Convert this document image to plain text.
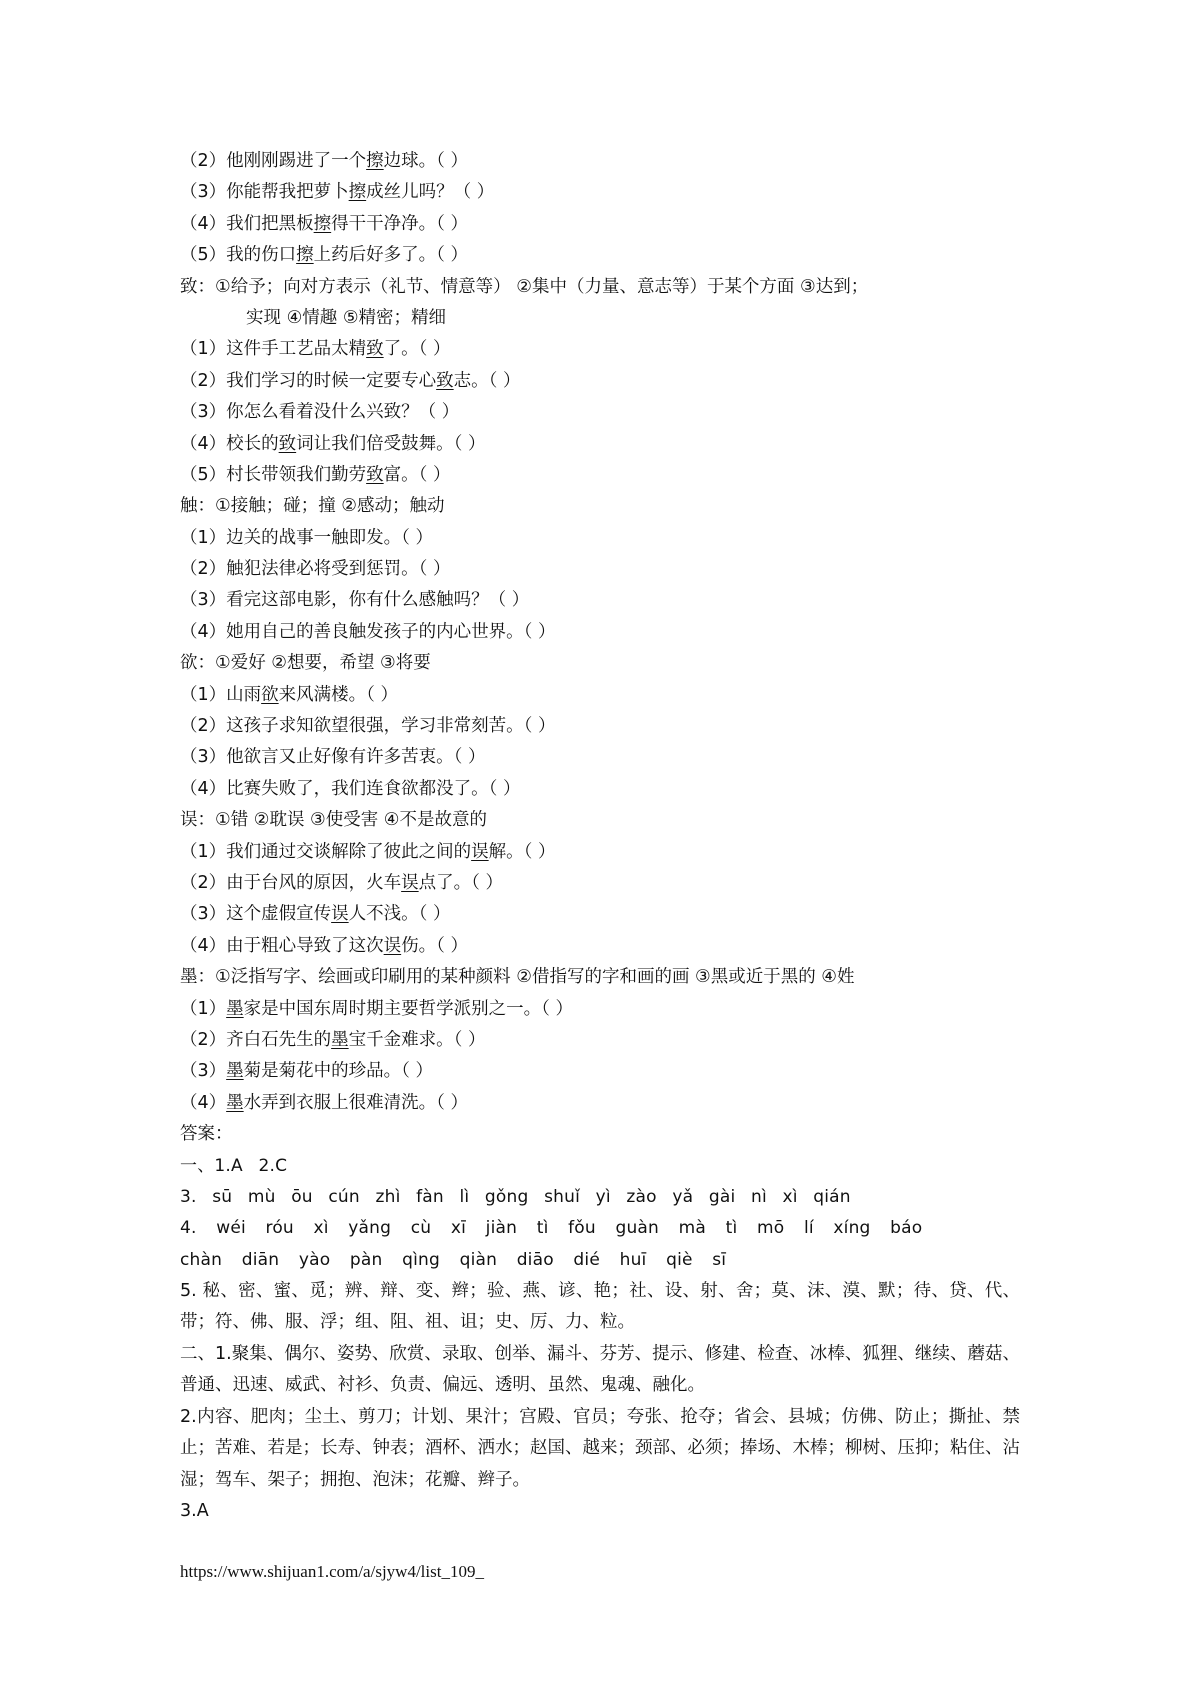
（2）他刚刚踢进了一个擦边球。（ ）
（3）你能帮我把萝卜擦成丝儿吗？（ ）
（4）我们把黑板擦得干干净净。（ ）
（5）我的伤口擦上药后好多了。（ ）
致：①给予；向对方表示（礼节、情意等） ②集中（力量、意志等）于某个方面 ③达到；
实现 ④情趣 ⑤精密；精细
（1）这件手工艺品太精致了。（ ）
（2）我们学习的时候一定要专心致志。（ ）
（3）你怎么看着没什么兴致？（ ）
（4）校长的致词让我们倍受鼓舞。（ ）
（5）村长带领我们勤劳致富。（ ）
触：①接触；碰；撞 ②感动；触动
（1）边关的战事一触即发。（ ）
（2）触犯法律必将受到惩罚。（ ）
（3）看完这部电影，你有什么感触吗？（ ）
（4）她用自己的善良触发孩子的内心世界。（ ）
欲：①爱好 ②想要，希望 ③将要
（1）山雨欲来风满楼。（ ）
（2）这孩子求知欲望很强，学习非常刻苦。（ ）
（3）他欲言又止好像有许多苦衷。（ ）
（4）比赛失败了，我们连食欲都没了。（ ）
误：①错 ②耽误 ③使受害 ④不是故意的
（1）我们通过交谈解除了彼此之间的误解。（ ）
（2）由于台风的原因，火车误点了。（ ）
（3）这个虚假宣传误人不浅。（ ）
（4）由于粗心导致了这次误伤。（ ）
墨：①泛指写字、绘画或印刷用的某种颜料 ②借指写的字和画的画 ③黑或近于黑的 ④姓
（1）墨家是中国东周时期主要哲学派别之一。（ ）
（2）齐白石先生的墨宝千金难求。（ ）
（3）墨菊是菊花中的珍品。（ ）
（4）墨水弄到衣服上很难清洗。（ ）
答案：
一、1.A 2.C
3. sū mù ōu cún zhì fàn lì gǒng shuǐ yì zào yǎ gài nì xì qián
4. wéi róu xì yǎng cù xī jiàn tì fǒu guàn mà tì mō lí xíng báo
chàn diān yào pàn qìng qiàn diāo dié huī qiè sī
5. 秘、密、蜜、觅；辨、辩、变、辫；验、燕、谚、艳；社、设、射、舍；莫、沫、漠、默；待、贷、代、带；符、佛、服、浮；组、阻、祖、诅；史、厉、力、粒。
二、1.聚集、偶尔、姿势、欣赏、录取、创举、漏斗、芬芳、提示、修建、检查、冰棒、狐狸、继续、蘑菇、普通、迅速、威武、衬衫、负责、偏远、透明、虽然、鬼魂、融化。
2.内容、肥肉；尘土、剪刀；计划、果汁；宫殿、官员；夸张、抢夺；省会、县城；仿佛、防止；撕扯、禁止；苦难、若是；长寿、钟表；酒杯、洒水；赵国、越来；颈部、必须；捧场、木棒；柳树、压抑；粘住、沾湿；驾车、架子；拥抱、泡沫；花瓣、辫子。
3.A
https://www.shijuan1.com/a/sjyw4/list_109_
